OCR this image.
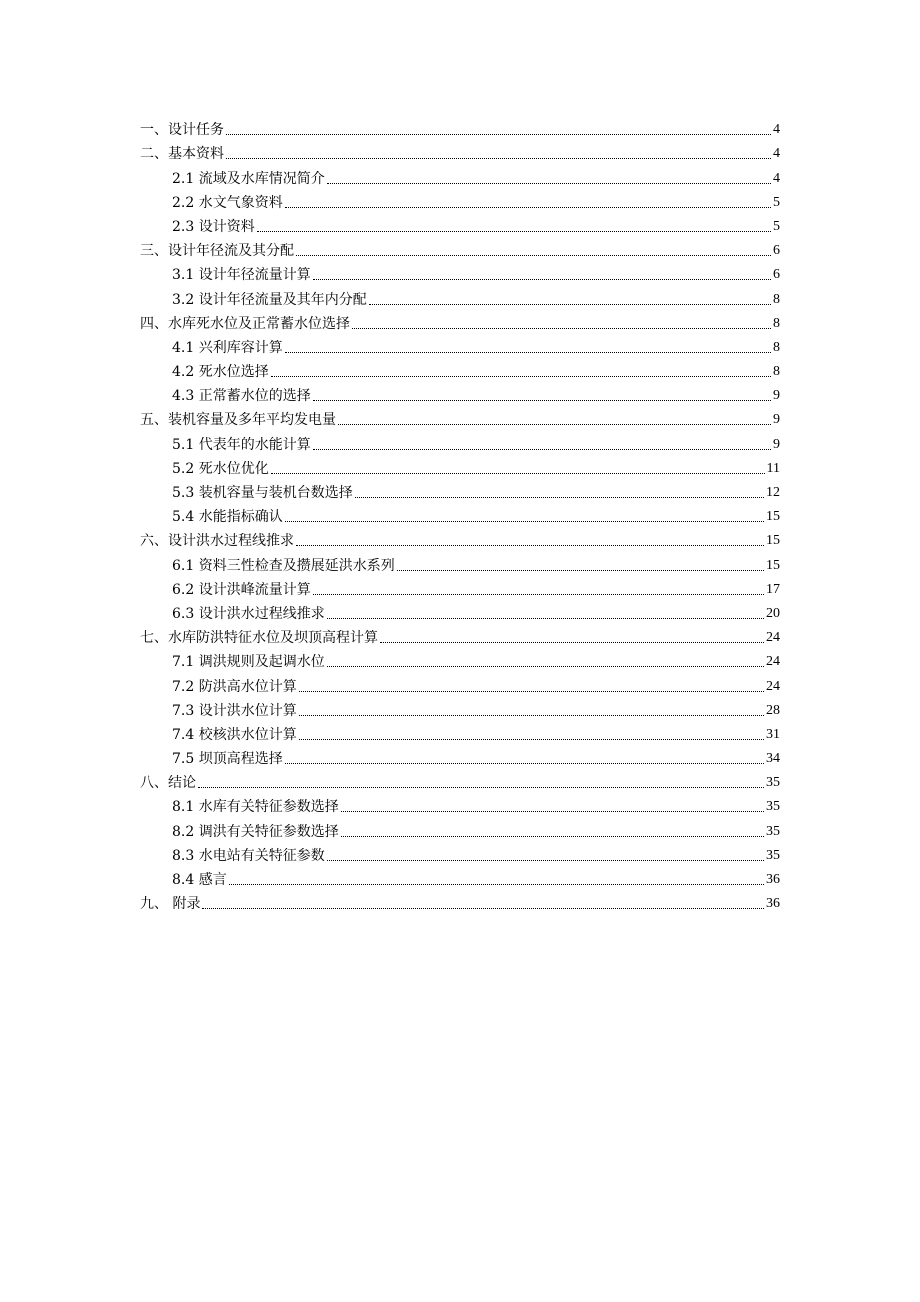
一、设计任务	4
二、基本资料	4
2.1 流域及水库情况简介	4
2.2 水文气象资料	5
2.3 设计资料	5
三、设计年径流及其分配	6
3.1 设计年径流量计算	6
3.2 设计年径流量及其年内分配	8
四、水库死水位及正常蓄水位选择	8
4.1 兴利库容计算	8
4.2 死水位选择	8
4.3 正常蓄水位的选择	9
五、装机容量及多年平均发电量	9
5.1 代表年的水能计算	9
5.2 死水位优化	11
5.3 装机容量与装机台数选择	12
5.4 水能指标确认	15
六、设计洪水过程线推求	15
6.1 资料三性检查及攒展延洪水系列	15
6.2 设计洪峰流量计算	17
6.3 设计洪水过程线推求	20
七、水库防洪特征水位及坝顶高程计算	24
7.1 调洪规则及起调水位	24
7.2 防洪高水位计算	24
7.3 设计洪水位计算	28
7.4 校核洪水位计算	31
7.5 坝顶高程选择	34
八、结论	35
8.1 水库有关特征参数选择	35
8.2 调洪有关特征参数选择	35
8.3 水电站有关特征参数	35
8.4 感言	36
九、 附录	36
